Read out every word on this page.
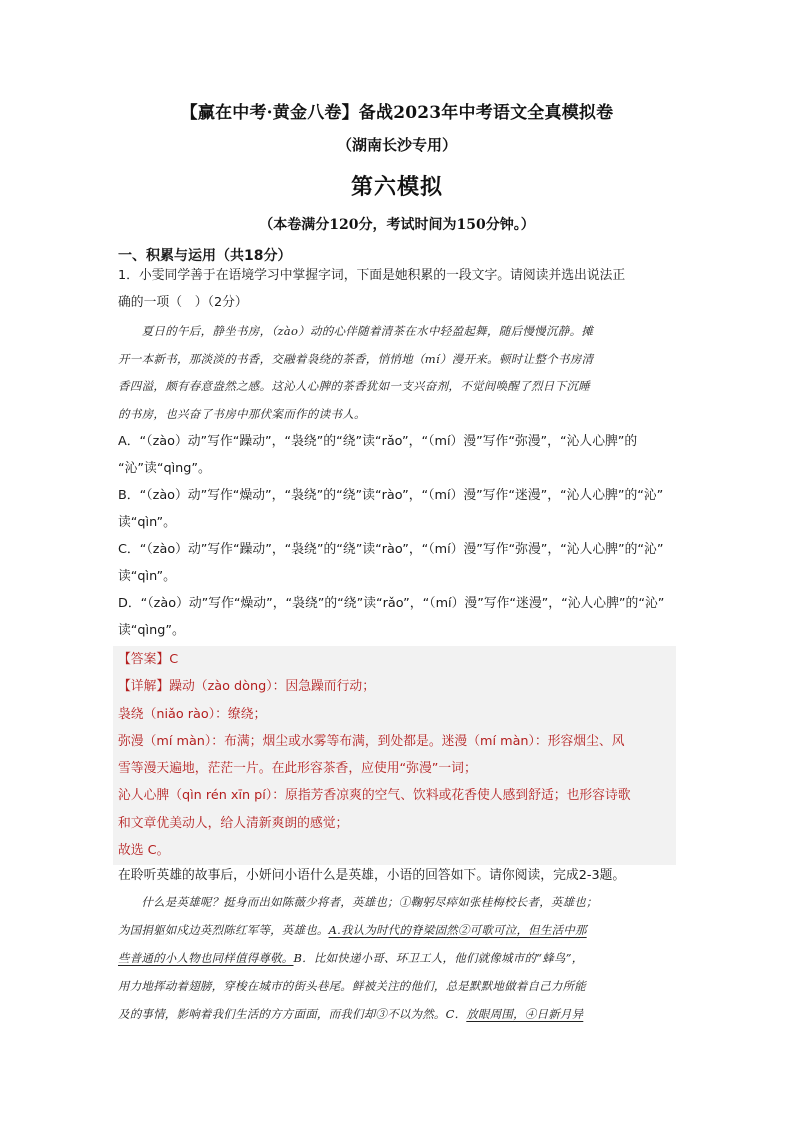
【赢在中考·黄金八卷】备战2023年中考语文全真模拟卷
（湖南长沙专用）
第六模拟
（本卷满分120分，考试时间为150分钟。）
一、积累与运用（共18分）
1．小雯同学善于在语境学习中掌握字词，下面是她积累的一段文字。请阅读并选出说法正
确的一项（　）（2分）
　　夏日的午后，静坐书房，（zào）动的心伴随着清茶在水中轻盈起舞，随后慢慢沉静。摊
开一本新书，那淡淡的书香，交融着袅绕的茶香，悄悄地（mí）漫开来。顿时让整个书房清
香四溢，颇有春意盎然之感。这沁人心脾的茶香犹如一支兴奋剂，不觉间唤醒了烈日下沉睡
的书房，也兴奋了书房中那伏案而作的读书人。
A．“（zào）动”写作“躁动”，“袅绕”的“绕”读“rǎo”，“（mí）漫”写作“弥漫”，“沁人心脾”的
“沁”读“qìng”。
B．“（zào）动”写作“燥动”，“袅绕”的“绕”读“rào”，“（mí）漫”写作“迷漫”，“沁人心脾”的“沁”
读“qìn”。
C．“（zào）动”写作“躁动”，“袅绕”的“绕”读“rào”，“（mí）漫”写作“弥漫”，“沁人心脾”的“沁”
读“qìn”。
D．“（zào）动”写作“燥动”，“袅绕”的“绕”读“rǎo”，“（mí）漫”写作“迷漫”，“沁人心脾”的“沁”
读“qìng”。
【答案】C
【详解】躁动（zào dòng）：因急躁而行动；
袅绕（niǎo rào）：缭绕；
弥漫（mí màn）：布满；烟尘或水雾等布满，到处都是。迷漫（mí màn）：形容烟尘、风
雪等漫天遍地，茫茫一片。在此形容茶香，应使用“弥漫”一词；
沁人心脾（qìn rén xīn pí）：原指芳香凉爽的空气、饮料或花香使人感到舒适；也形容诗歌
和文章优美动人，给人清新爽朗的感觉；
故选 C。
在聆听英雄的故事后，小妍问小语什么是英雄，小语的回答如下。请你阅读，完成2-3题。
　　什么是英雄呢？挺身而出如陈薇少将者，英雄也；①鞠躬尽瘁如张桂梅校长者，英雄也；
为国捐躯如戍边英烈陈红军等，英雄也。A.我认为时代的脊梁固然②可歌可泣，但生活中那
些普通的小人物也同样值得尊敬。B．比如快递小哥、环卫工人，他们就像城市的“蜂鸟”，
用力地挥动着翅膀，穿梭在城市的街头巷尾。鲜被关注的他们，总是默默地做着自己力所能
及的事情，影响着我们生活的方方面面，而我们却③不以为然。C．放眼周围，④日新月异
